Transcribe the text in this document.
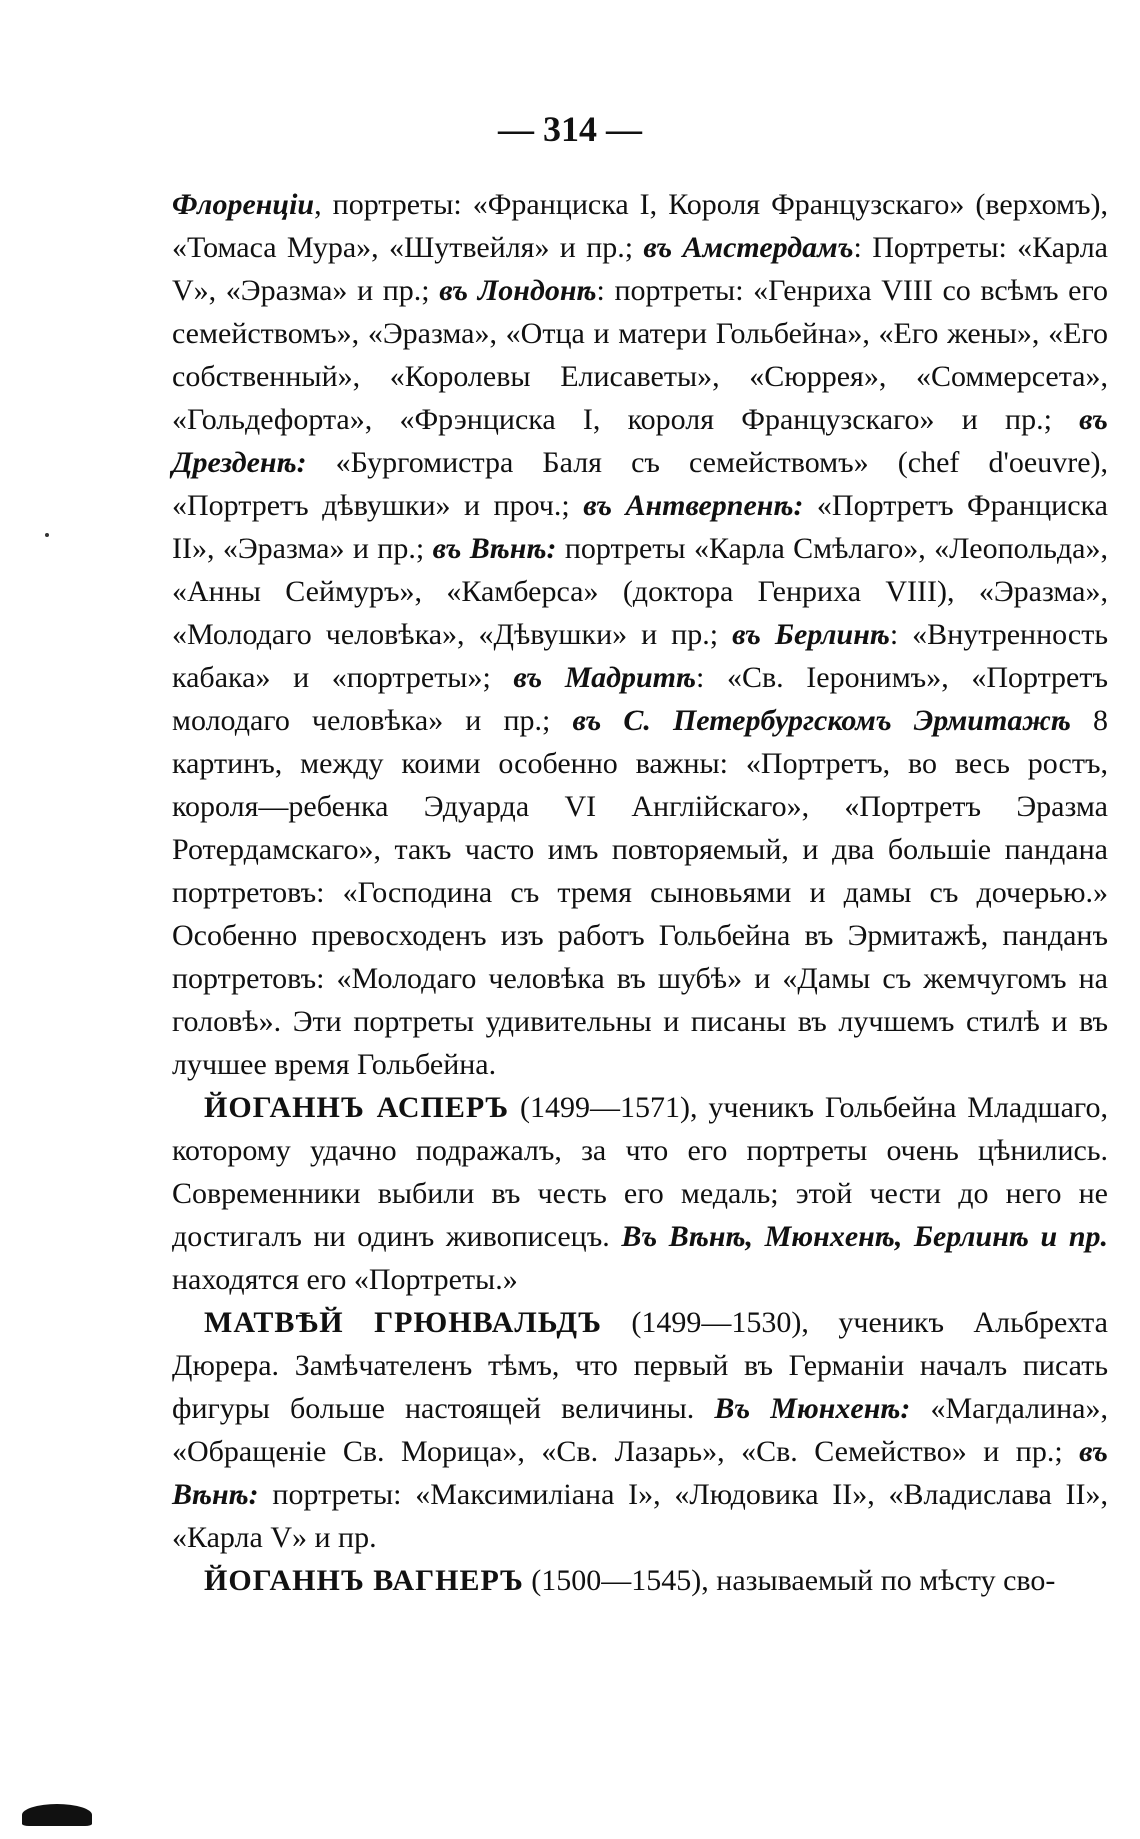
— 314 —

Флоренціи, портреты: «Франциска I, Короля Французскаго» (верхомъ), «Томаса Мура», «Шутвейля» и пр.; въ Амстердамъ: Портреты: «Карла V», «Эразма» и пр.; въ Лондонѣ: портреты: «Генриха VIII со всѣмъ его семействомъ», «Эразма», «Отца и матери Гольбейна», «Его жены», «Его собственный», «Королевы Елисаветы», «Сюррея», «Соммерсета», «Гольдефорта», «Фрэнциска I, короля Французскаго» и пр.; въ Дрезденѣ: «Бургомистра Баля съ семействомъ» (chef d'oeuvre), «Портретъ дѣвушки» и проч.; въ Антверпенѣ: «Портретъ Франциска II», «Эразма» и пр.; въ Вѣнѣ: портреты «Карла Смѣлаго», «Леопольда», «Анны Сеймуръ», «Камберса» (доктора Генриха VIII), «Эразма», «Молодаго человѣка», «Дѣвушки» и пр.; въ Берлинѣ: «Внутренность кабака» и «портреты»; въ Мадритѣ: «Св. Іеронимъ», «Портретъ молодаго человѣка» и пр.; въ С. Петербургскомъ Эрмитажѣ 8 картинъ, между коими особенно важны: «Портретъ, во весь ростъ, короля—ребенка Эдуарда VI Англійскаго», «Портретъ Эразма Ротердамскаго», такъ часто имъ повторяемый, и два большіе пандана портретовъ: «Господина съ тремя сыновьями и дамы съ дочерью.» Особенно превосходенъ изъ работъ Гольбейна въ Эрмитажѣ, панданъ портретовъ: «Молодаго человѣка въ шубѣ» и «Дамы съ жемчугомъ на головѣ». Эти портреты удивительны и писаны въ лучшемъ стилѣ и въ лучшее время Гольбейна.

ЙОГАННЪ АСПЕРЪ (1499—1571), ученикъ Гольбейна Младшаго, которому удачно подражалъ, за что его портреты очень цѣнились. Современники выбили въ честь его медаль; этой чести до него не достигалъ ни одинъ живописецъ. Въ Вѣнѣ, Мюнхенѣ, Берлинѣ и пр. находятся его «Портреты.»

МАТВѢЙ ГРЮНВАЛЬДЪ (1499—1530), ученикъ Альбрехта Дюрера. Замѣчателенъ тѣмъ, что первый въ Германіи началъ писать фигуры больше настоящей величины. Въ Мюнхенѣ: «Магдалина», «Обращеніе Св. Морица», «Св. Лазарь», «Св. Семейство» и пр.; въ Вѣнѣ: портреты: «Максимиліана I», «Людовика II», «Владислава II», «Карла V» и пр.

ЙОГАННЪ ВАГНЕРЪ (1500—1545), называемый по мѣсту сво-
